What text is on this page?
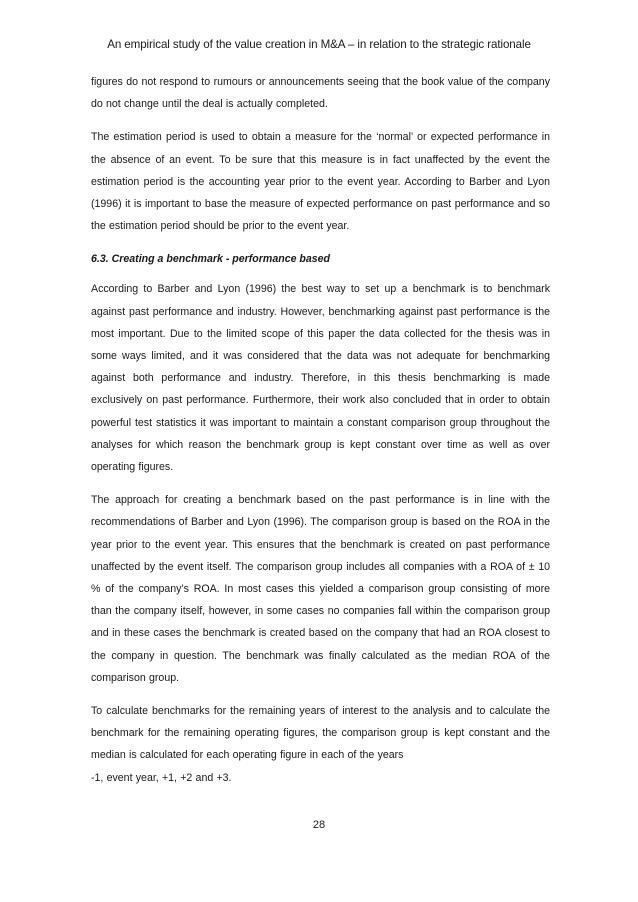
An empirical study of the value creation in M&A – in relation to the strategic rationale

figures do not respond to rumours or announcements seeing that the book value of the company do not change until the deal is actually completed.

The estimation period is used to obtain a measure for the ‘normal’ or expected performance in the absence of an event. To be sure that this measure is in fact unaffected by the event the estimation period is the accounting year prior to the event year. According to Barber and Lyon (1996) it is important to base the measure of expected performance on past performance and so the estimation period should be prior to the event year.

6.3. Creating a benchmark - performance based

According to Barber and Lyon (1996) the best way to set up a benchmark is to benchmark against past performance and industry. However, benchmarking against past performance is the most important. Due to the limited scope of this paper the data collected for the thesis was in some ways limited, and it was considered that the data was not adequate for benchmarking against both performance and industry. Therefore, in this thesis benchmarking is made exclusively on past performance. Furthermore, their work also concluded that in order to obtain powerful test statistics it was important to maintain a constant comparison group throughout the analyses for which reason the benchmark group is kept constant over time as well as over operating figures.

The approach for creating a benchmark based on the past performance is in line with the recommendations of Barber and Lyon (1996). The comparison group is based on the ROA in the year prior to the event year. This ensures that the benchmark is created on past performance unaffected by the event itself. The comparison group includes all companies with a ROA of ± 10 % of the company’s ROA. In most cases this yielded a comparison group consisting of more than the company itself, however, in some cases no companies fall within the comparison group and in these cases the benchmark is created based on the company that had an ROA closest to the company in question. The benchmark was finally calculated as the median ROA of the comparison group.

To calculate benchmarks for the remaining years of interest to the analysis and to calculate the benchmark for the remaining operating figures, the comparison group is kept constant and the median is calculated for each operating figure in each of the years
-1, event year, +1, +2 and +3.

28
